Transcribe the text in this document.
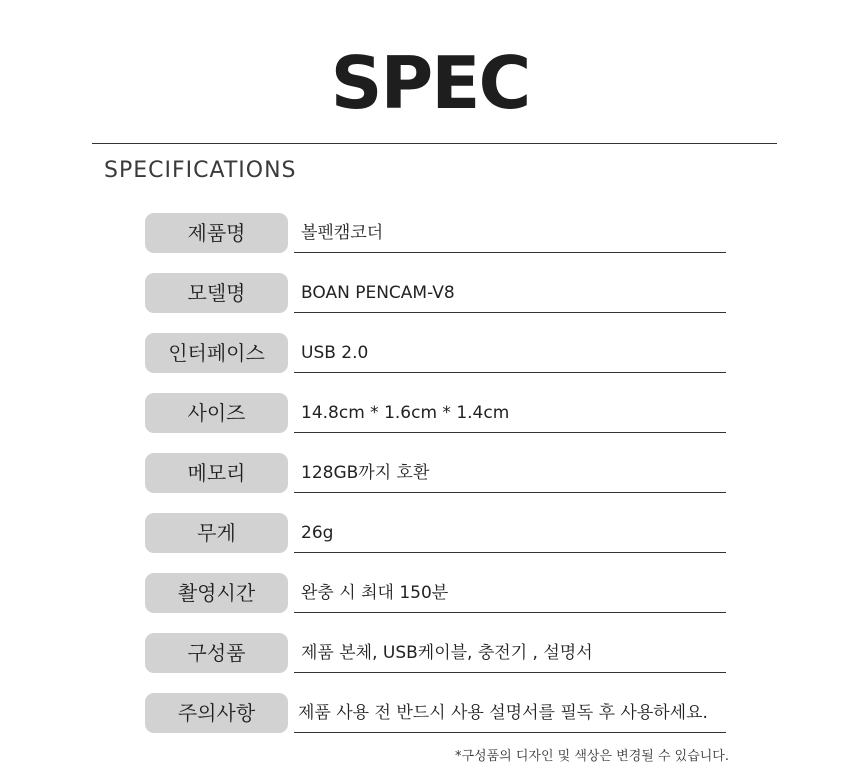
SPEC
SPECIFICATIONS
제품명	볼펜캠코더
모델명	BOAN PENCAM-V8
인터페이스	USB 2.0
사이즈	14.8cm * 1.6cm * 1.4cm
메모리	128GB까지 호환
무게	26g
촬영시간	완충 시 최대 150분
구성품	제품 본체, USB케이블, 충전기 , 설명서
주의사항	제품 사용 전 반드시 사용 설명서를 필독 후 사용하세요.
*구성품의 디자인 및 색상은 변경될 수 있습니다.
